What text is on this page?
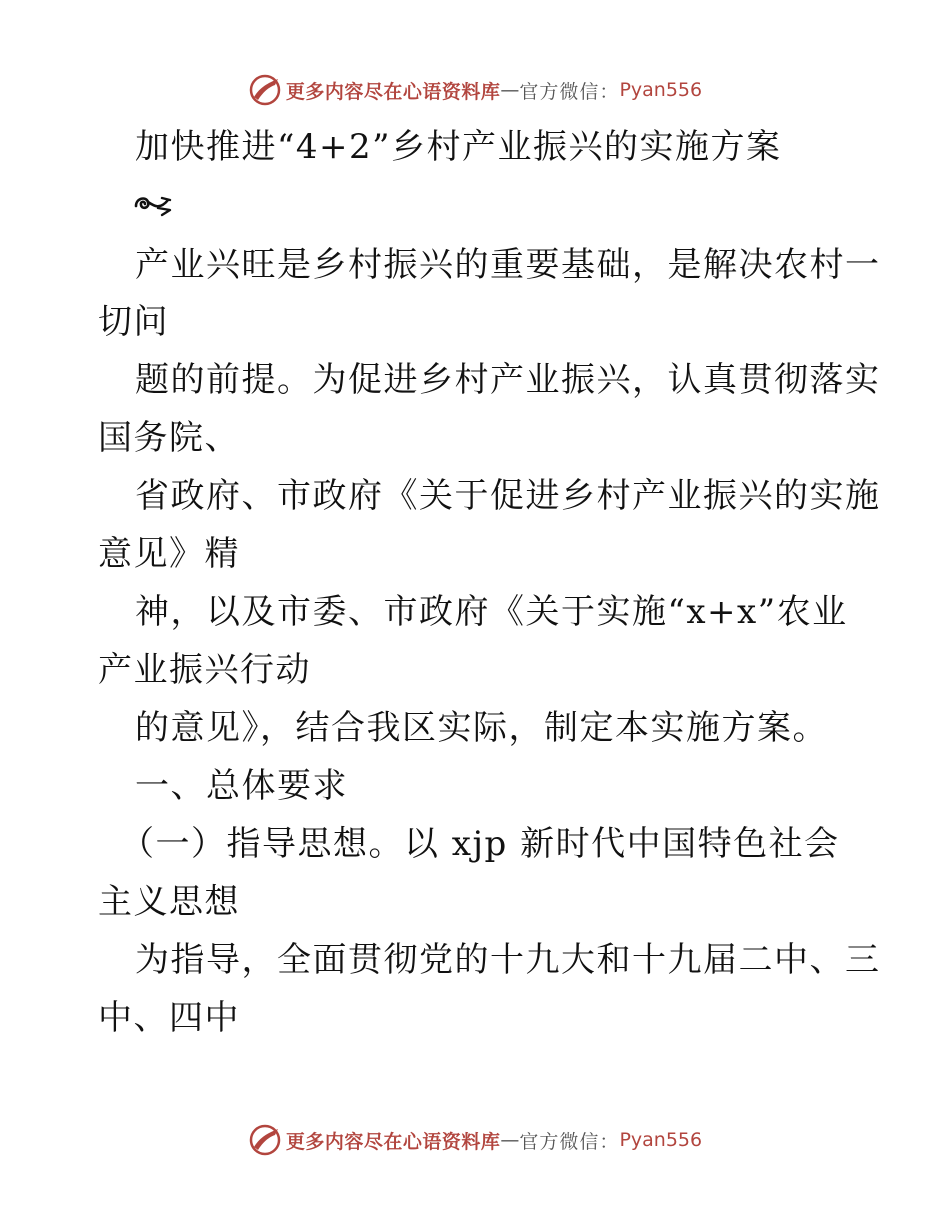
更多内容尽在心语资料库 — 官方微信： Pyan556
加快推进“4+2”乡村产业振兴的实施方案
产业兴旺是乡村振兴的重要基础，是解决农村一
切问
题的前提。为促进乡村产业振兴，认真贯彻落实
国务院、
省政府、市政府《关于促进乡村产业振兴的实施
意见》精
神，以及市委、市政府《关于实施“x+x”农业
产业振兴行动
的意见》，结合我区实际，制定本实施方案。
一、总体要求
（一）指导思想。以 xjp 新时代中国特色社会
主义思想
为指导，全面贯彻党的十九大和十九届二中、三
中、四中
更多内容尽在心语资料库 — 官方微信： Pyan556
